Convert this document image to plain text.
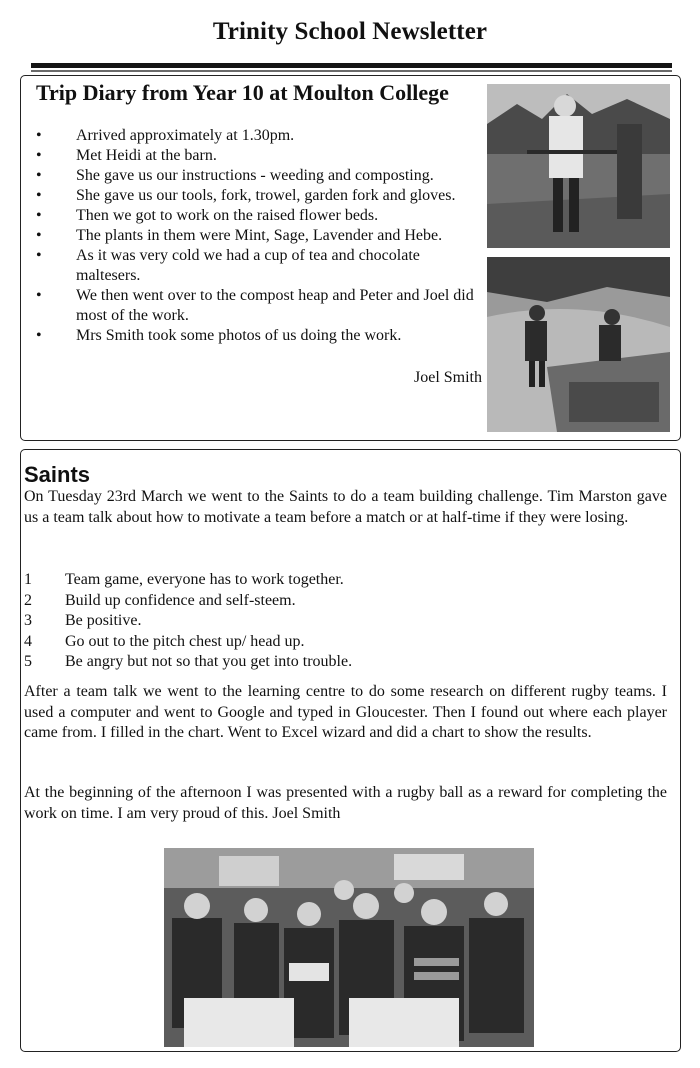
Trinity School Newsletter
Trip Diary from Year 10 at Moulton College
• Arrived approximately at 1.30pm.
• Met Heidi at the barn.
• She gave us our instructions - weeding and composting.
• She gave us our tools, fork, trowel, garden fork and gloves.
• Then we got to work on the raised flower beds.
• The plants in them were Mint, Sage, Lavender and Hebe.
• As it was very cold we had a cup of tea and chocolate maltesers.
• We then went over to the compost heap and Peter and Joel did most of the work.
• Mrs Smith took some photos of us doing the work.
Joel Smith
Saints

On Tuesday 23rd March we went to the Saints to do a team building challenge. Tim Marston gave us a team talk about how to motivate a team before a match or at half-time if they were losing.

1 Team game, everyone has to work together.
2 Build up confidence and self-steem.
3 Be positive.
4 Go out to the pitch chest up/ head up.
5 Be angry but not so that you get into trouble.

After a team talk we went to the learning centre to do some research on different rugby teams. I used a computer and went to Google and typed in Gloucester. Then I found out where each player came from. I filled in the chart. Went to Excel wizard and did a chart to show the results.

At the beginning of the afternoon I was presented with a rugby ball as a reward for completing the work on time. I am very proud of this. Joel Smith
